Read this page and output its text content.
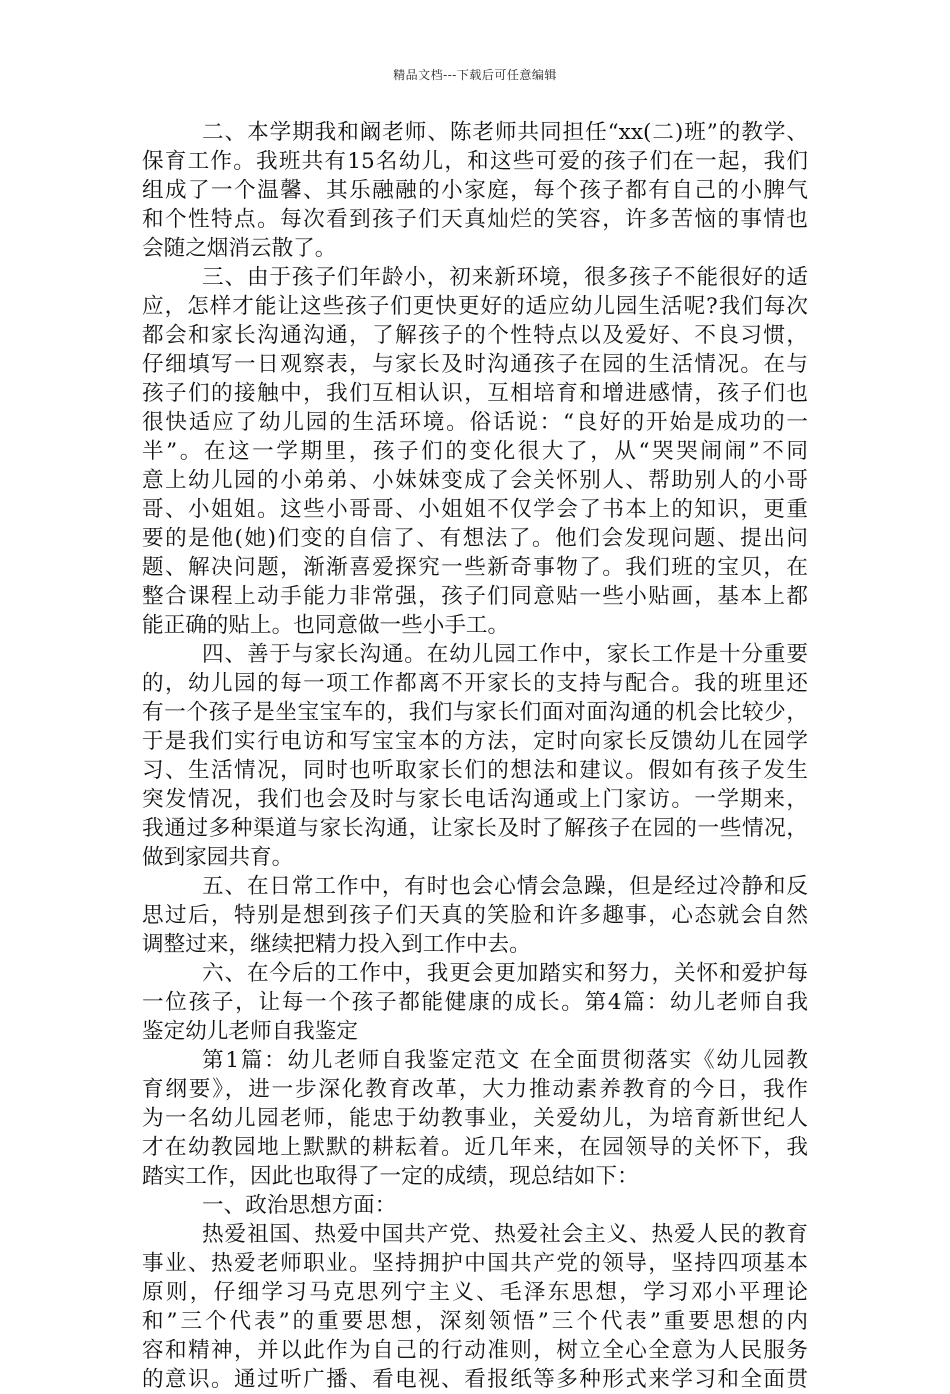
精品文档---下载后可任意编辑
二、本学期我和阚老师、陈老师共同担任“xx(二)班”的教学、
保育工作。我班共有15名幼儿，和这些可爱的孩子们在一起，我们
组成了一个温馨、其乐融融的小家庭，每个孩子都有自己的小脾气
和个性特点。每次看到孩子们天真灿烂的笑容，许多苦恼的事情也
会随之烟消云散了。
三、由于孩子们年龄小，初来新环境，很多孩子不能很好的适
应，怎样才能让这些孩子们更快更好的适应幼儿园生活呢?我们每次
都会和家长沟通沟通，了解孩子的个性特点以及爱好、不良习惯，
仔细填写一日观察表，与家长及时沟通孩子在园的生活情况。在与
孩子们的接触中，我们互相认识，互相培育和增进感情，孩子们也
很快适应了幼儿园的生活环境。俗话说：“良好的开始是成功的一
半”。在这一学期里，孩子们的变化很大了，从“哭哭闹闹”不同
意上幼儿园的小弟弟、小妹妹变成了会关怀别人、帮助别人的小哥
哥、小姐姐。这些小哥哥、小姐姐不仅学会了书本上的知识，更重
要的是他(她)们变的自信了、有想法了。他们会发现问题、提出问
题、解决问题，渐渐喜爱探究一些新奇事物了。我们班的宝贝，在
整合课程上动手能力非常强，孩子们同意贴一些小贴画，基本上都
能正确的贴上。也同意做一些小手工。
四、善于与家长沟通。在幼儿园工作中，家长工作是十分重要
的，幼儿园的每一项工作都离不开家长的支持与配合。我的班里还
有一个孩子是坐宝宝车的，我们与家长们面对面沟通的机会比较少，
于是我们实行电访和写宝宝本的方法，定时向家长反馈幼儿在园学
习、生活情况，同时也听取家长们的想法和建议。假如有孩子发生
突发情况，我们也会及时与家长电话沟通或上门家访。一学期来，
我通过多种渠道与家长沟通，让家长及时了解孩子在园的一些情况，
做到家园共育。
五、在日常工作中，有时也会心情会急躁，但是经过冷静和反
思过后，特别是想到孩子们天真的笑脸和许多趣事，心态就会自然
调整过来，继续把精力投入到工作中去。
六、在今后的工作中，我更会更加踏实和努力，关怀和爱护每
一位孩子，让每一个孩子都能健康的成长。第4篇：幼儿老师自我
鉴定幼儿老师自我鉴定
第1篇：幼儿老师自我鉴定范文 在全面贯彻落实《幼儿园教
育纲要》，进一步深化教育改革，大力推动素养教育的今日，我作
为一名幼儿园老师，能忠于幼教事业，关爱幼儿，为培育新世纪人
才在幼教园地上默默的耕耘着。近几年来，在园领导的关怀下，我
踏实工作，因此也取得了一定的成绩，现总结如下：
一、政治思想方面：
热爱祖国、热爱中国共产党、热爱社会主义、热爱人民的教育
事业、热爱老师职业。坚持拥护中国共产党的领导，坚持四项基本
原则，仔细学习马克思列宁主义、毛泽东思想，学习邓小平理论
和”三个代表”的重要思想，深刻领悟”三个代表”重要思想的内
容和精神，并以此作为自己的行动准则，树立全心全意为人民服务
的意识。通过听广播、看电视、看报纸等多种形式来学习和全面贯
